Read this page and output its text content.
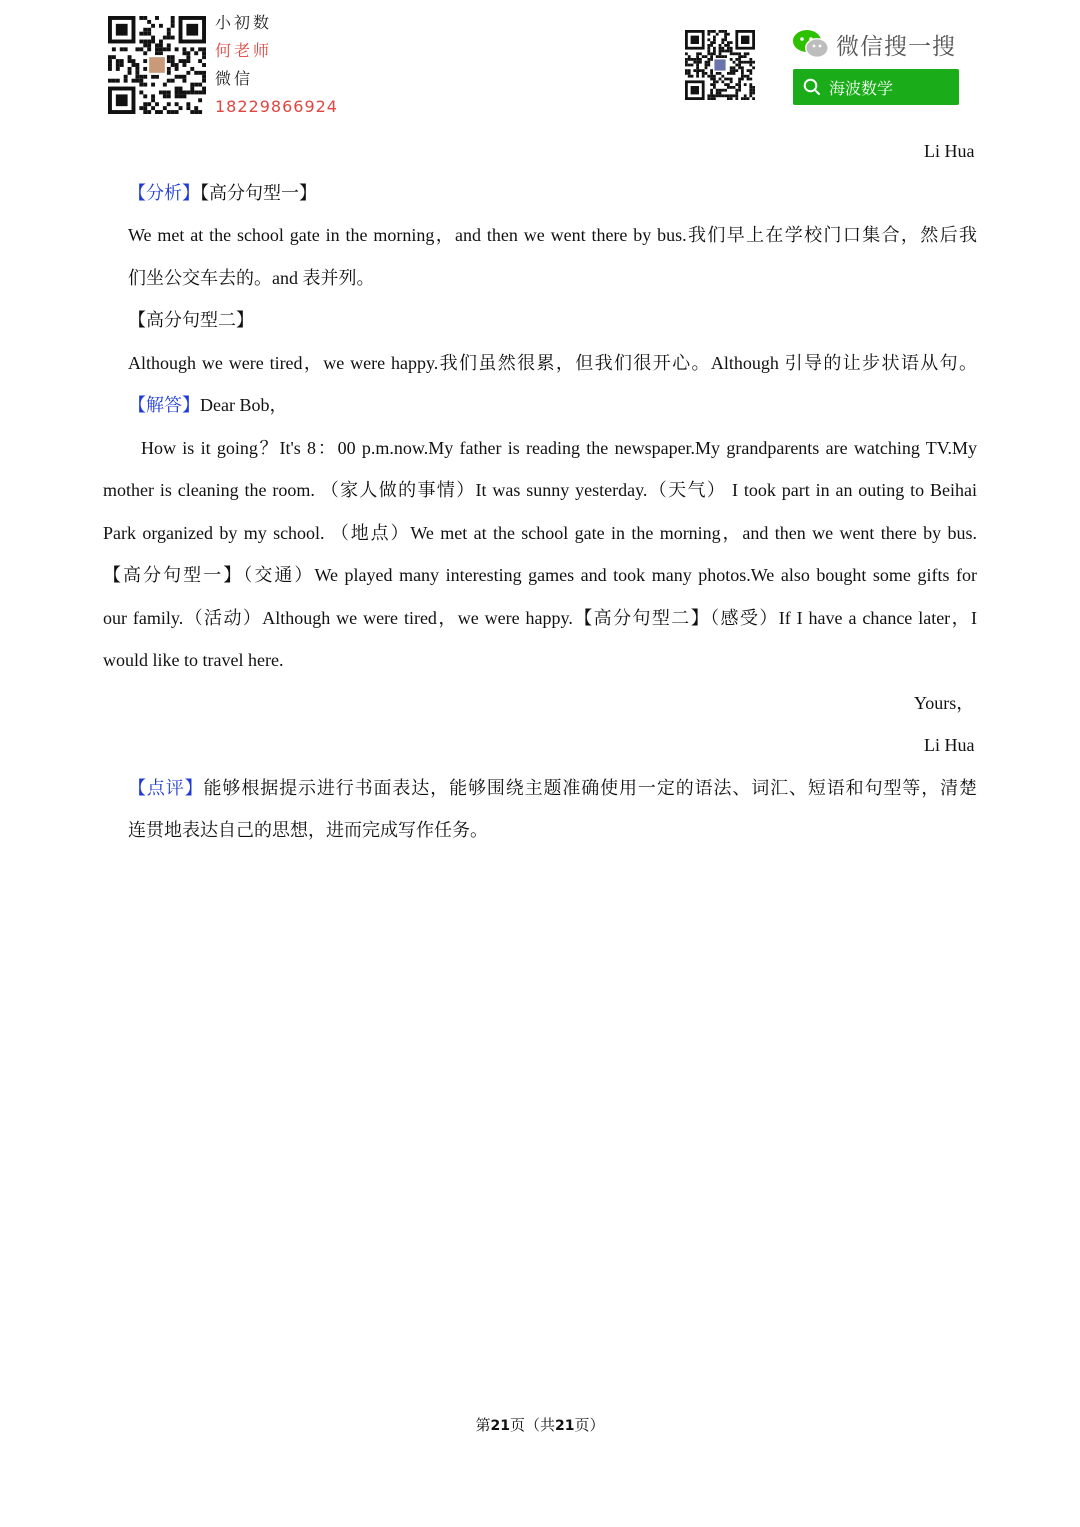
小初数
何老师
微信
18229866924
微信搜一搜
海波数学
Li Hua
【分析】【高分句型一】
We met at the school gate in the morning，and then we went there by bus.我们早上在学校门口集合，然后我
们坐公交车去的。and 表并列。
【高分句型二】
Although we were tired，we were happy.我们虽然很累，但我们很开心。Although 引导的让步状语从句。
【解答】Dear Bob，
How is it going？It's 8：00 p.m.now.My father is reading the newspaper.My grandparents are watching TV.My
mother is cleaning the room. （家人做的事情）It was sunny yesterday.（天气） I took part in an outing to Beihai
Park organized by my school. （地点）We met at the school gate in the morning，and then we went there by bus.
【高分句型一】（交通）We played many interesting games and took many photos.We also bought some gifts for
our family.（活动）Although we were tired，we were happy.【高分句型二】（感受）If I have a chance later，I
would like to travel here.
Yours，
Li Hua
【点评】能够根据提示进行书面表达，能够围绕主题准确使用一定的语法、词汇、短语和句型等，清楚
连贯地表达自己的思想，进而完成写作任务。
第21页（共21页）
